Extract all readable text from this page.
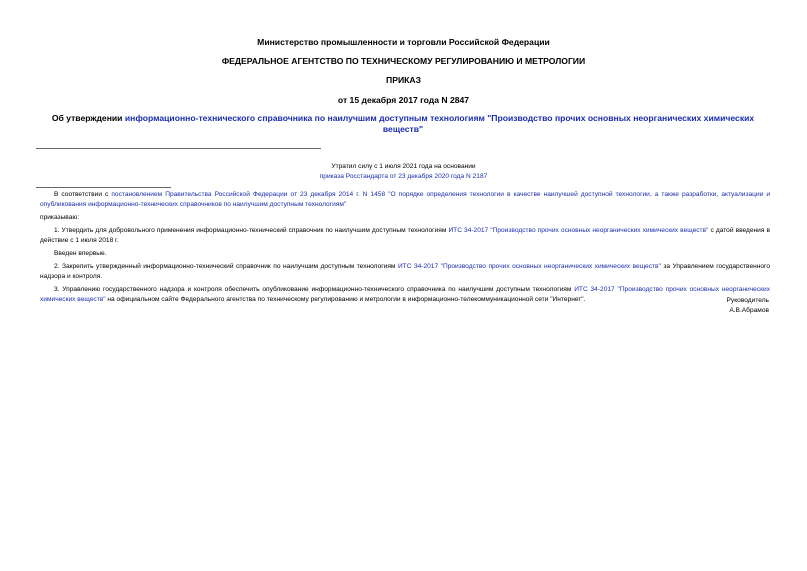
Министерство промышленности и торговли Российской Федерации
ФЕДЕРАЛЬНОЕ АГЕНТСТВО ПО ТЕХНИЧЕСКОМУ РЕГУЛИРОВАНИЮ И МЕТРОЛОГИИ
ПРИКАЗ
от 15 декабря 2017 года N 2847
Об утверждении информационно-технического справочника по наилучшим доступным технологиям "Производство прочих основных неорганических химических веществ"
Утратил силу с 1 июля 2021 года на основании
приказа Росстандарта от 23 декабря 2020 года N 2187

В соответствии с постановлением Правительства Российской Федерации от 23 декабря 2014 г. N 1458 "О порядке определения технологии в качестве наилучшей доступной технологии, а также разработки, актуализации и опубликования информационно-технических справочников по наилучшим доступным технологиям"

приказываю:

1. Утвердить для добровольного применения информационно-технический справочник по наилучшим доступным технологиям ИТС 34-2017 "Производство прочих основных неорганических химических веществ" с датой введения в действие с 1 июля 2018 г.

Введен впервые.

2. Закрепить утвержденный информационно-технический справочник по наилучшим доступным технологиям ИТС 34-2017 "Производство прочих основных неорганических химических веществ" за Управлением государственного надзора и контроля.

3. Управлению государственного надзора и контроля обеспечить опубликование информационно-технического справочника по наилучшим доступным технологиям ИТС 34-2017 "Производство прочих основных неорганических химических веществ" на официальном сайте Федерального агентства по техническому регулированию и метрологии в информационно-телекоммуникационной сети "Интернет".	Руководитель
А.В.Абрамов
